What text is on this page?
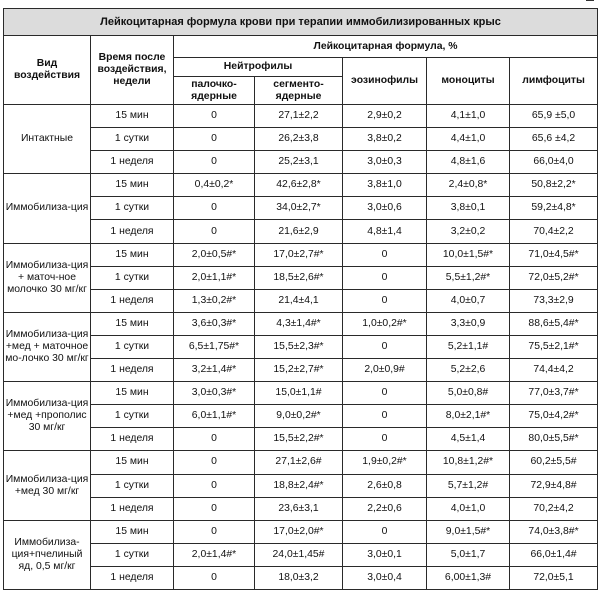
Лейкоцитарная формула крови при терапии иммобилизированных крыс						
Вид воздействия	Время после воздействия, недели	Лейкоцитарная формула, %				
		Нейтрофилы		эозинофилы	моноциты	лимфоциты
		палочко-ядерные	сегменто-ядерные			
Интактные	15 мин	0	27,1±2,2	2,9±0,2	4,1±1,0	65,9 ±5,0
	1 сутки	0	26,2±3,8	3,8±0,2	4,4±1,0	65,6 ±4,2
	1 неделя	0	25,2±3,1	3,0±0,3	4,8±1,6	66,0±4,0
Иммобилиза-ция	15 мин	0,4±0,2*	42,6±2,8*	3,8±1,0	2,4±0,8*	50,8±2,2*
	1 сутки	0	34,0±2,7*	3,0±0,6	3,8±0,1	59,2±4,8*
	1 неделя	0	21,6±2,9	4,8±1,4	3,2±0,2	70,4±2,2
Иммобилиза-ция + маточ-ное молочко 30 мг/кг	15 мин	2,0±0,5#*	17,0±2,7#*	0	10,0±1,5#*	71,0±4,5#*
	1 сутки	2,0±1,1#*	18,5±2,6#*	0	5,5±1,2#*	72,0±5,2#*
	1 неделя	1,3±0,2#*	21,4±4,1	0	4,0±0,7	73,3±2,9
Иммобилиза-ция +мед + маточное мо-лочко 30 мг/кг	15 мин	3,6±0,3#*	4,3±1,4#*	1,0±0,2#*	3,3±0,9	88,6±5,4#*
	1 сутки	6,5±1,75#*	15,5±2,3#*	0	5,2±1,1#	75,5±2,1#*
	1 неделя	3,2±1,4#*	15,2±2,7#*	2,0±0,9#	5,2±2,6	74,4±4,2
Иммобилиза-ция +мед +прополис 30 мг/кг	15 мин	3,0±0,3#*	15,0±1,1#	0	5,0±0,8#	77,0±3,7#*
	1 сутки	6,0±1,1#*	9,0±0,2#*	0	8,0±2,1#*	75,0±4,2#*
	1 неделя	0	15,5±2,2#*	0	4,5±1,4	80,0±5,5#*
Иммобилиза-ция +мед 30 мг/кг	15 мин	0	27,1±2,6#	1,9±0,2#*	10,8±1,2#*	60,2±5,5#
	1 сутки	0	18,8±2,4#*	2,6±0,8	5,7±1,2#	72,9±4,8#
	1 неделя	0	23,6±3,1	2,2±0,6	4,0±1,0	70,2±4,2
Иммобилиза-ция+пчелиный яд, 0,5 мг/кг	15 мин	0	17,0±2,0#*	0	9,0±1,5#*	74,0±3,8#*
	1 сутки	2,0±1,4#*	24,0±1,45#	3,0±0,1	5,0±1,7	66,0±1,4#
	1 неделя	0	18,0±3,2	3,0±0,4	6,00±1,3#	72,0±5,1
